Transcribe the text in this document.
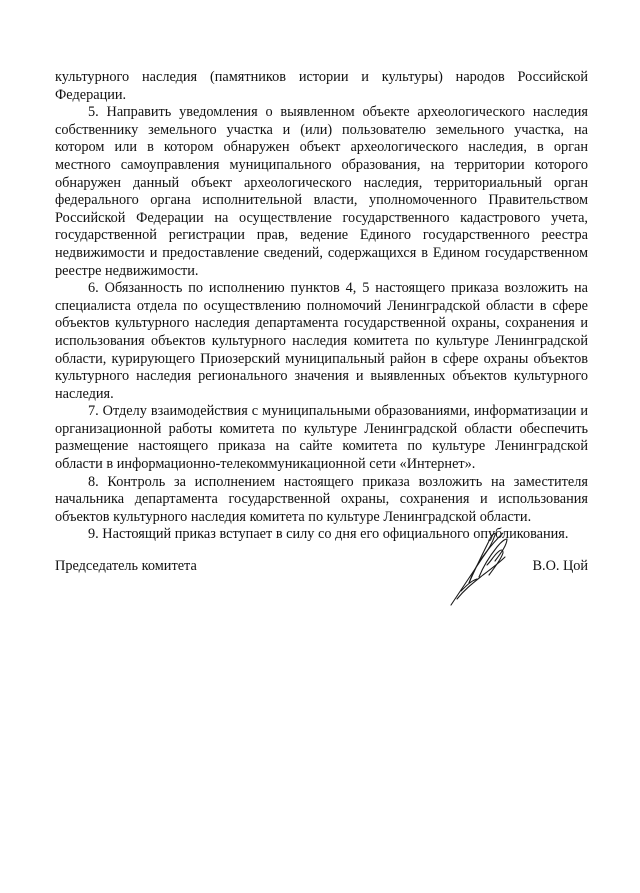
культурного наследия (памятников истории и культуры) народов Российской Федерации.

5. Направить уведомления о выявленном объекте археологического наследия собственнику земельного участка и (или) пользователю земельного участка, на котором или в котором обнаружен объект археологического наследия, в орган местного самоуправления муниципального образования, на территории которого обнаружен данный объект археологического наследия, территориальный орган федерального органа исполнительной власти, уполномоченного Правительством Российской Федерации на осуществление государственного кадастрового учета, государственной регистрации прав, ведение Единого государственного реестра недвижимости и предоставление сведений, содержащихся в Едином государственном реестре недвижимости.

6. Обязанность по исполнению пунктов 4, 5 настоящего приказа возложить на специалиста отдела по осуществлению полномочий Ленинградской области в сфере объектов культурного наследия департамента государственной охраны, сохранения и использования объектов культурного наследия комитета по культуре Ленинградской области, курирующего Приозерский муниципальный район в сфере охраны объектов культурного наследия регионального значения и выявленных объектов культурного наследия.

7. Отделу взаимодействия с муниципальными образованиями, информатизации и организационной работы комитета по культуре Ленинградской области обеспечить размещение настоящего приказа на сайте комитета по культуре Ленинградской области в информационно-телекоммуникационной сети «Интернет».

8. Контроль за исполнением настоящего приказа возложить на заместителя начальника департамента государственной охраны, сохранения и использования объектов культурного наследия комитета по культуре Ленинградской области.

9. Настоящий приказ вступает в силу со дня его официального опубликования.

Председатель комитета	В.О. Цой
